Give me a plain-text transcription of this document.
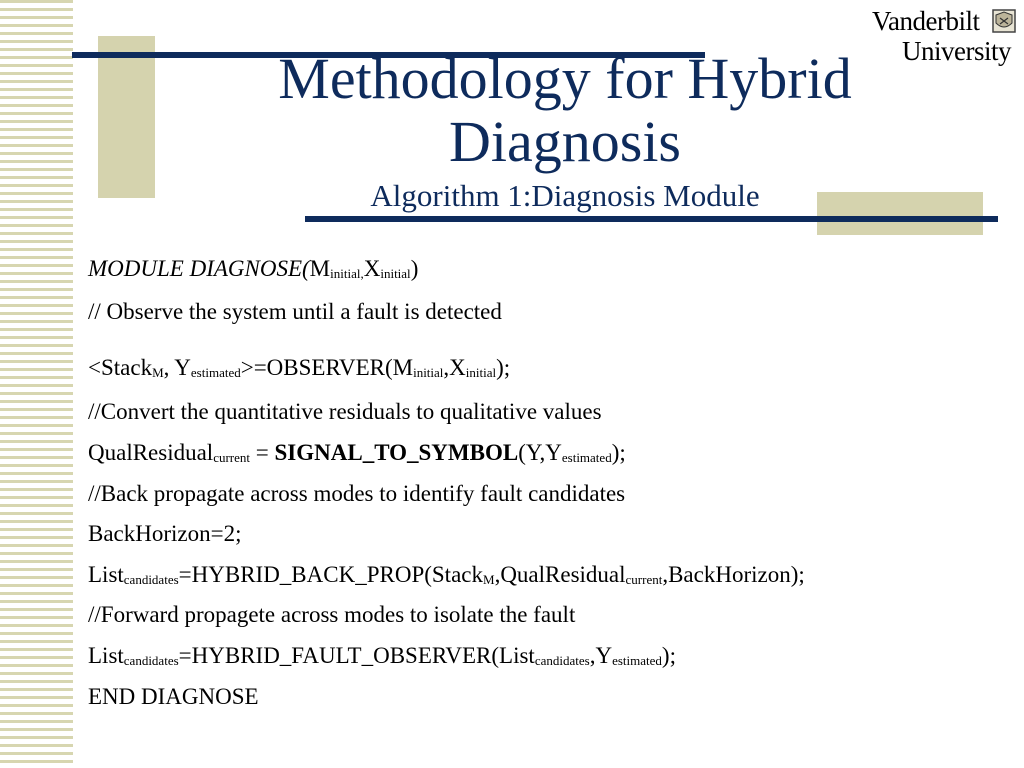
Vanderbilt
University
Methodology for Hybrid
Diagnosis
Algorithm 1:Diagnosis Module
MODULE $DIAGNOSE(M_{initial,}X_{initial})$
// Observe the system until a fault is detected
<Stack$_M$, $Y_{estimated}>=OBSERVER(M_{initial},X_{initial})$;
//Convert the quantitative residuals to qualitative values
QualResidual$_{current}$ = $SIGNAL\_TO\_SYMBOL(Y,Y_{estimated})$;
//Back propagate across modes to identify fault candidates
BackHorizon=2;
List$_{candidates}$=HYBRID_BACK_PROP(Stack$_M$,QualResidual$_{current}$,BackHorizon);
//Forward propagete across modes to isolate the fault
$List_{candidates}=HYBRID\_FAULT\_OBSERVER(List_{candidates},Y_{estimated})$;
END DIAGNOSE
